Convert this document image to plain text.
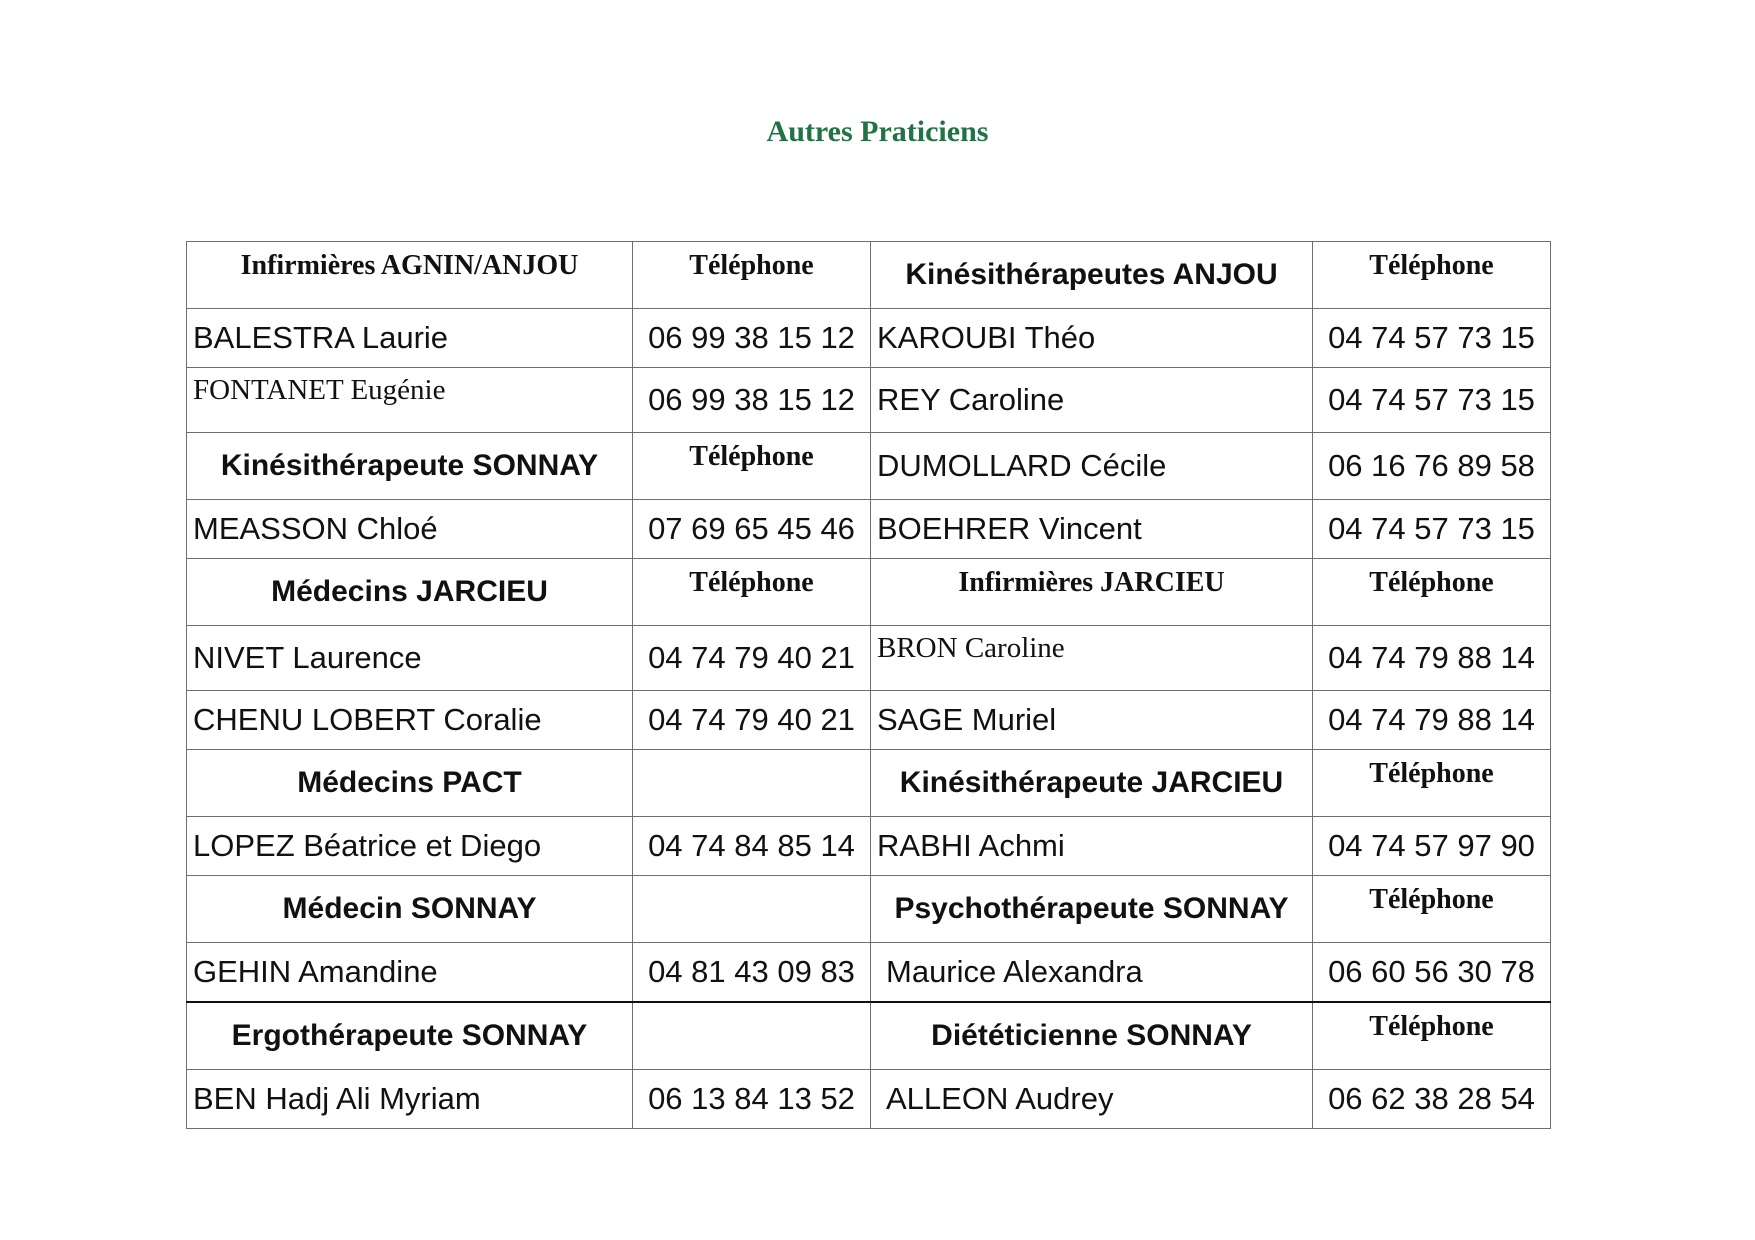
Autres Praticiens
Infirmières AGNIN/ANJOU	Téléphone	Kinésithérapeutes ANJOU	Téléphone
BALESTRA Laurie	06 99 38 15 12	KAROUBI Théo	04 74 57 73 15
FONTANET Eugénie	06 99 38 15 12	REY Caroline	04 74 57 73 15
Kinésithérapeute SONNAY	Téléphone	DUMOLLARD Cécile	06 16 76 89 58
MEASSON Chloé	07 69 65 45 46	BOEHRER Vincent	04 74 57 73 15
Médecins JARCIEU	Téléphone	Infirmières JARCIEU	Téléphone
NIVET Laurence	04 74 79 40 21	BRON Caroline	04 74 79 88 14
CHENU LOBERT Coralie	04 74 79 40 21	SAGE Muriel	04 74 79 88 14
Médecins PACT		Kinésithérapeute JARCIEU	Téléphone
LOPEZ Béatrice et Diego	04 74 84 85 14	RABHI Achmi	04 74 57 97 90
Médecin SONNAY		Psychothérapeute SONNAY	Téléphone
GEHIN Amandine	04 81 43 09 83	Maurice Alexandra	06 60 56 30 78
Ergothérapeute SONNAY		Diététicienne SONNAY	Téléphone
BEN Hadj Ali Myriam	06 13 84 13 52	ALLEON Audrey	06 62 38 28 54
